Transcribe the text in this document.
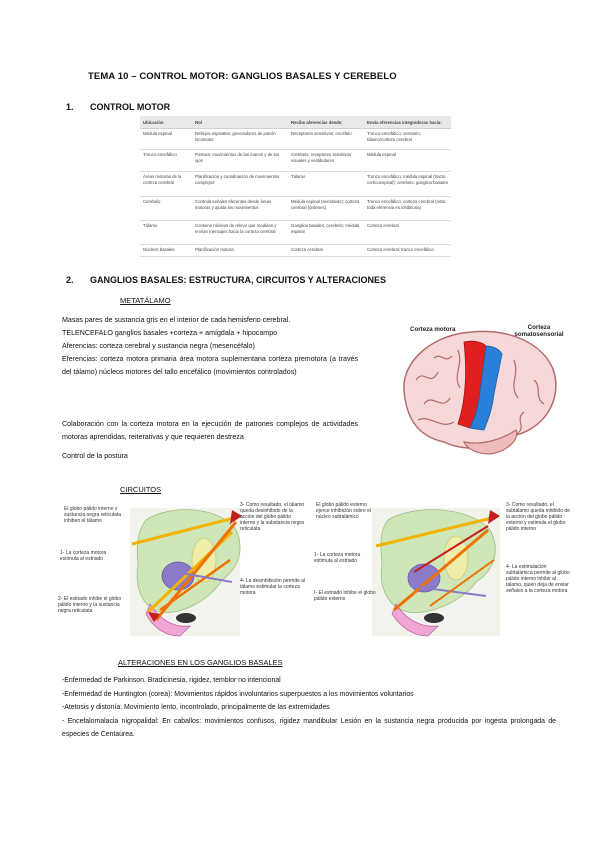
TEMA 10 – CONTROL MOTOR: GANGLIOS BASALES Y CEREBELO
1. CONTROL MOTOR
Ubicación	Rol	Recibe aferencias desde:	Envía eferencias integradoras hacia:
Médula espinal	Reflejos espinales; generadores de patrón locomotor	Receptores sensitivos; encéfalo	Tronco encefálico; cerebelo; tálamo/corteza cerebral
Tronco encefálico	Postura; movimientos de las manos y de los ojos	Cerebelo; receptores sensitivos visuales y vestibulares	Médula espinal
Áreas motoras de la corteza cerebral	Planificación y coordinación de movimientos complejos	Tálamo	Tronco encefálico; médula espinal (tracto corticoespinal); cerebelo; ganglios basales
Cerebelo	Controla señales eferentes desde áreas motoras y ajusta los movimientos	Médula espinal (sensitivas); corteza cerebral (órdenes)	Tronco encefálico; corteza cerebral (nota: toda eferencia es inhibitoria)
Tálamo	Contiene núcleos de relevo que modulan y envían mensajes hacia la corteza cerebral	Ganglios basales; cerebelo; médula espinal	Corteza cerebral
Núcleos basales	Planificación motora	Corteza cerebral	Corteza cerebral; tronco encefálico
2. GANGLIOS BASALES: ESTRUCTURA, CIRCUITOS Y ALTERACIONES
METATÁLAMO

Masas pares de sustancia gris en el interior de cada hemisferio cerebral.

TELENCEFALO ganglios basales +corteza + amígdala + hipocampo

Aferencias: corteza cerebral y sustancia negra (mesencéfalo)

Eferencias: corteza motora primaria área motora suplementaria corteza premotora (a través del tálamo) núcleos motores del tallo encefálico (movimientos controlados)

Colaboración con la corteza motora en la ejecución de patrones complejos de actividades motoras aprendidas, reiterativas y que requieren destreza
Control de la postura
Corteza motora	Corteza somatosensorial
CIRCUITOS
El globo pálido interno y sustancia negra reticulata inhiben el tálamo
1- La corteza motora estimula al estriado
2- El estriado inhibe el globo pálido interno y la sustancia negra reticulata
3- Como resultado, el tálamo queda desinhibido de la acción del globo pálido interno y la substancia negra reticulata
4- La desinhibición permite al tálamo estimular la corteza motora
El globo pálido externo ejerce inhibición sobre el núcleo subtalámico
1- La corteza motora estimula al estriado
I- El estriado inhibe el globo pálido externo
3- Como resultado, el subtálamo queda inhibido de la acción del globo pálido externo y estimula el globo pálido interno
4- La estimulación subtalámica permite al globo pálido interno inhibir al tálamo, quien deja de enviar señales a la corteza motora
ALTERACIONES EN LOS GANGLIOS BASALES

-Enfermedad de Parkinson. Bradicinesia, rigidez, temblor no intencional

-Enfermedad de Huntington (corea): Movimientos rápidos involuntarios superpuestos a los movimientos voluntarios

-Atetosis y distonía: Movimiento lento, incontrolado, principalmente de las extremidades

- Encefalomalacia nigropalidal: En caballos: movimientos confusos, rigidez mandibular Lesión en la sustancia negra producida por ingesta prolongada de especies de Centaurea.
